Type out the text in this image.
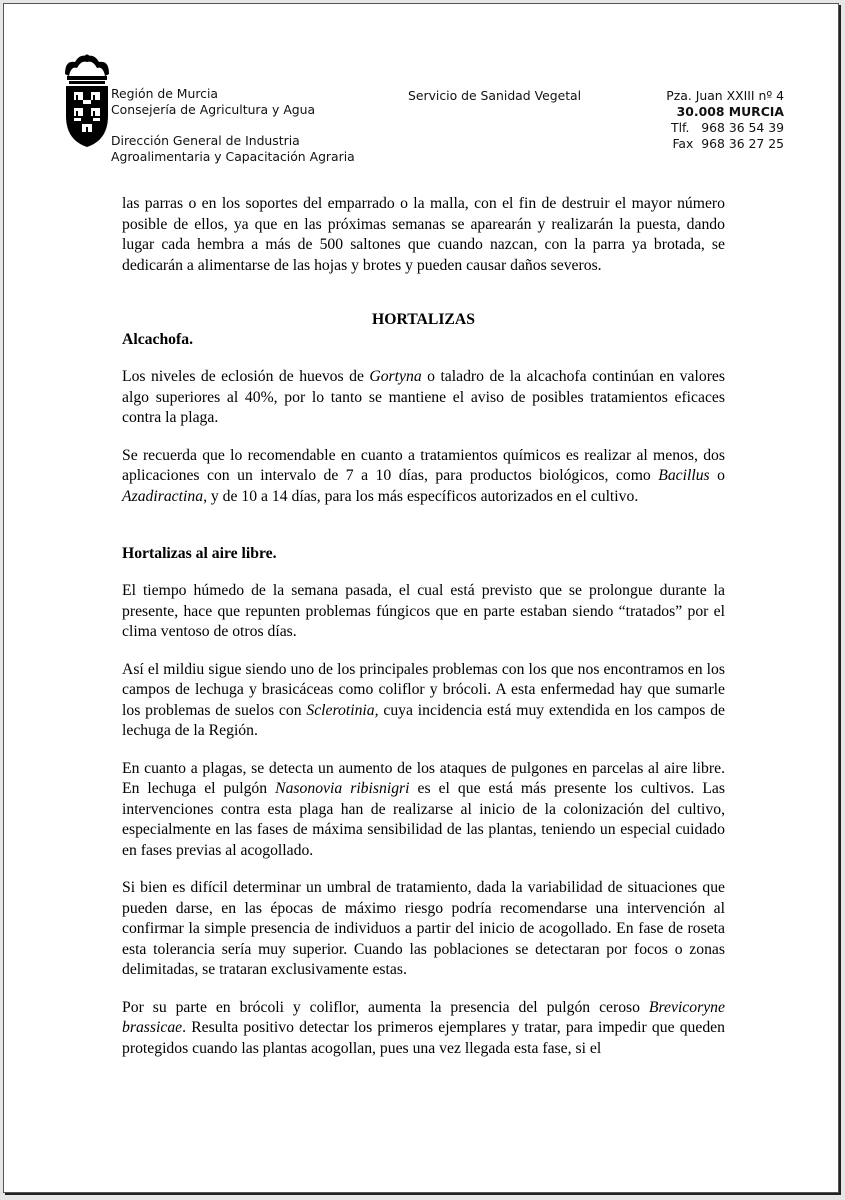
Región de Murcia
Consejería de Agricultura y Agua
Dirección General de Industria
Agroalimentaria y Capacitación Agraria
Servicio de Sanidad Vegetal	Pza. Juan XXIII nº 4
30.008 MURCIA
Tlf.   968 36 54 39
Fax  968 36 27 25

las parras o en los soportes del emparrado o la malla, con el fin de destruir el mayor número posible de ellos, ya que en las próximas semanas se aparearán y realizarán la puesta, dando lugar cada hembra a más de 500 saltones que cuando nazcan, con la parra ya brotada, se dedicarán a alimentarse de las hojas y brotes y pueden causar daños severos.

HORTALIZAS
Alcachofa.

Los niveles de eclosión de huevos de Gortyna o taladro de la alcachofa continúan en valores algo superiores al 40%, por lo tanto se mantiene el aviso de posibles tratamientos eficaces contra la plaga.

Se recuerda que lo recomendable en cuanto a tratamientos químicos es realizar al menos, dos aplicaciones con un intervalo de 7 a 10 días, para productos biológicos, como Bacillus o Azadiractina, y de 10 a 14 días, para los más específicos autorizados en el cultivo.

Hortalizas al aire libre.

El tiempo húmedo de la semana pasada, el cual está previsto que se prolongue durante la presente, hace que repunten problemas fúngicos que en parte estaban siendo “tratados” por el clima ventoso de otros días.

Así el mildiu sigue siendo uno de los principales problemas con los que nos encontramos en los campos de lechuga y brasicáceas como coliflor y brócoli. A esta enfermedad hay que sumarle los problemas de suelos con Sclerotinia, cuya incidencia está muy extendida en los campos de lechuga de la Región.

En cuanto a plagas, se detecta un aumento de los ataques de pulgones en parcelas al aire libre. En lechuga el pulgón Nasonovia ribisnigri es el que está más presente los cultivos. Las intervenciones contra esta plaga han de realizarse al inicio de la colonización del cultivo, especialmente en las fases de máxima sensibilidad de las plantas, teniendo un especial cuidado en fases previas al acogollado.

Si bien es difícil determinar un umbral de tratamiento, dada la variabilidad de situaciones que pueden darse, en las épocas de máximo riesgo podría recomendarse una intervención al confirmar la simple presencia de individuos a partir del inicio de acogollado. En fase de roseta esta tolerancia sería muy superior. Cuando las poblaciones se detectaran por focos o zonas delimitadas, se trataran exclusivamente estas.

Por su parte en brócoli y coliflor, aumenta la presencia del pulgón ceroso Brevicoryne brassicae. Resulta positivo detectar los primeros ejemplares y tratar, para impedir que queden protegidos cuando las plantas acogollan, pues una vez llegada esta fase, si el
